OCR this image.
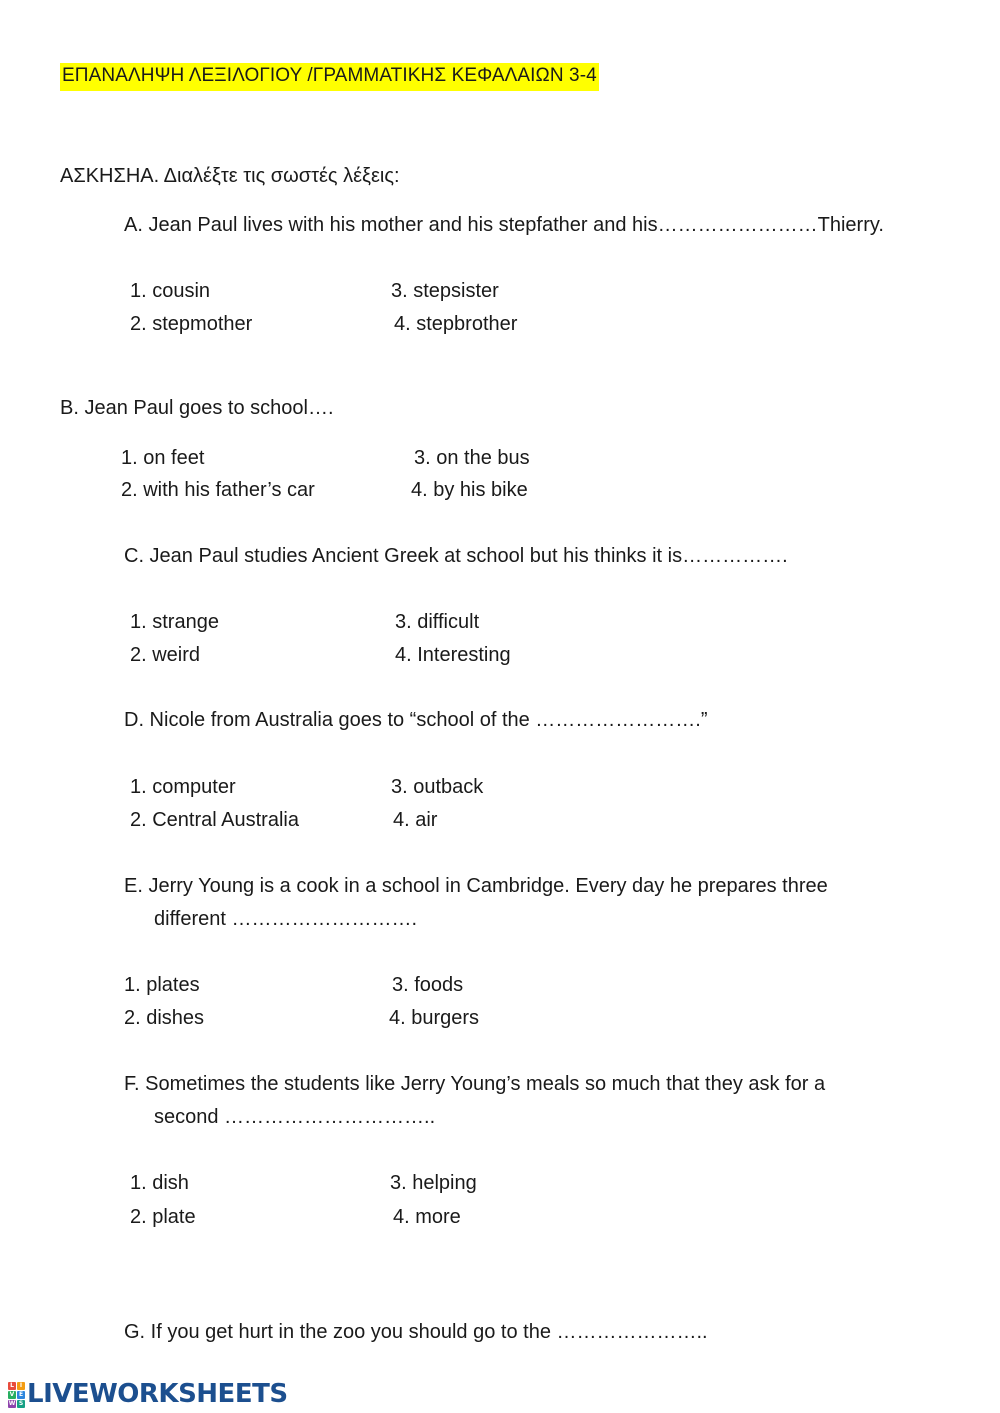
ΕΠΑΝΑΛΗΨΗ ΛΕΞΙΛΟΓΙΟΥ /ΓΡΑΜΜΑΤΙΚΗΣ ΚΕΦΑΛΑΙΩΝ 3-4
ΑΣΚΗΣΗΑ. Διαλέξτε τις σωστές λέξεις:
A. Jean Paul lives with his mother and his stepfather and his……………………Thierry.
1. cousin
2. stepmother
3. stepsister
4. stepbrother
B. Jean Paul goes to school….
1. on feet
2. with his father’s car
3. on the bus
4. by his bike
C. Jean Paul studies Ancient Greek at school but his thinks it is…………….
1. strange
2. weird
3. difficult
4. Interesting
D. Nicole from Australia goes to “school of the …………………….”
1. computer
2. Central Australia
3. outback
4. air
E. Jerry Young is a cook in a school in Cambridge. Every day he prepares three
different ……………………….
1. plates
2. dishes
3. foods
4. burgers
F. Sometimes the students like Jerry Young’s meals so much that they ask for a
second …………………………..
1. dish
2. plate
3. helping
4. more
G. If you get hurt in the zoo you should go to the …………………..
L I
V E
W S LIVEWORKSHEETS
